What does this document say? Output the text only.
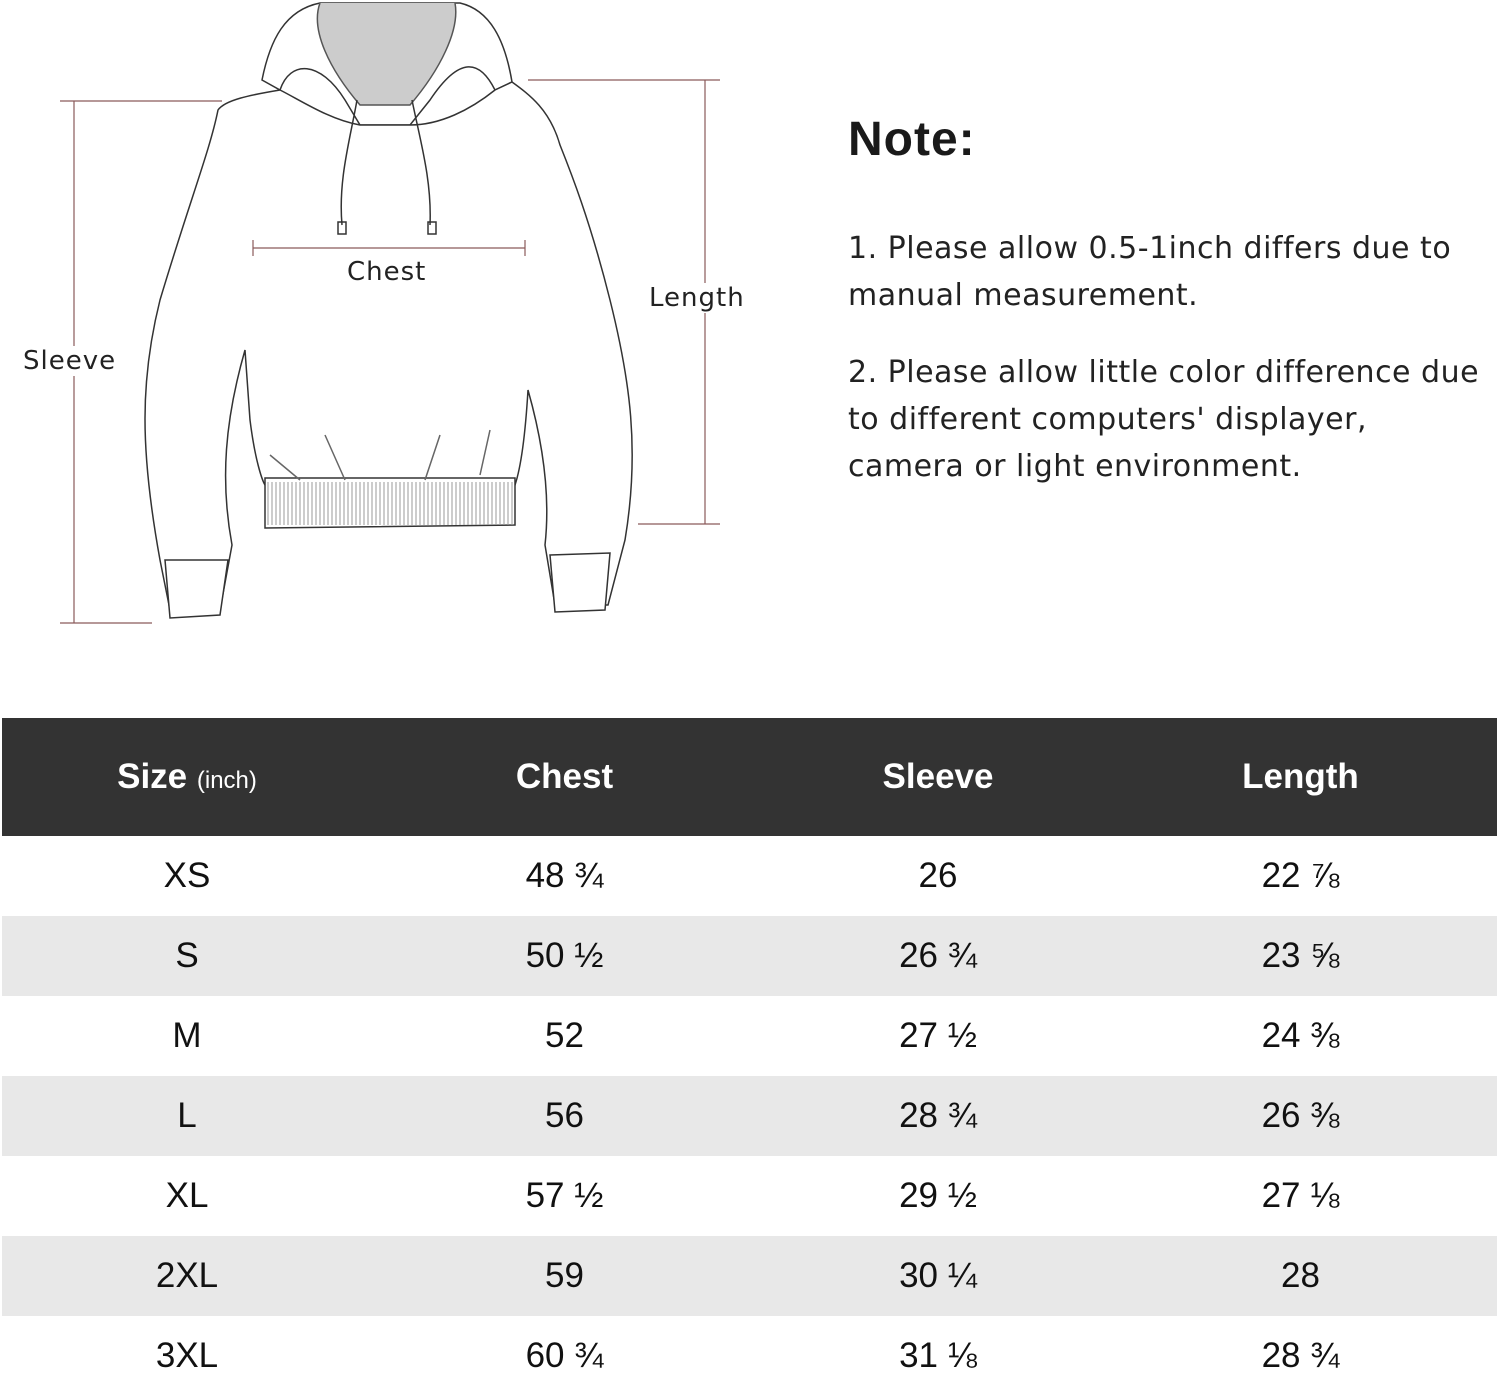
Chest
Length
Sleeve
Note:

1. Please allow 0.5-1inch differs due to manual measurement.

2. Please allow little color difference due to different computers' displayer, camera or light environment.

Size (inch)	Chest	Sleeve	Length
XS	48 ¾	26	22 ⅞
S	50 ½	26 ¾	23 ⅝
M	52	27 ½	24 ⅜
L	56	28 ¾	26 ⅜
XL	57 ½	29 ½	27 ⅛
2XL	59	30 ¼	28
3XL	60 ¾	31 ⅛	28 ¾
